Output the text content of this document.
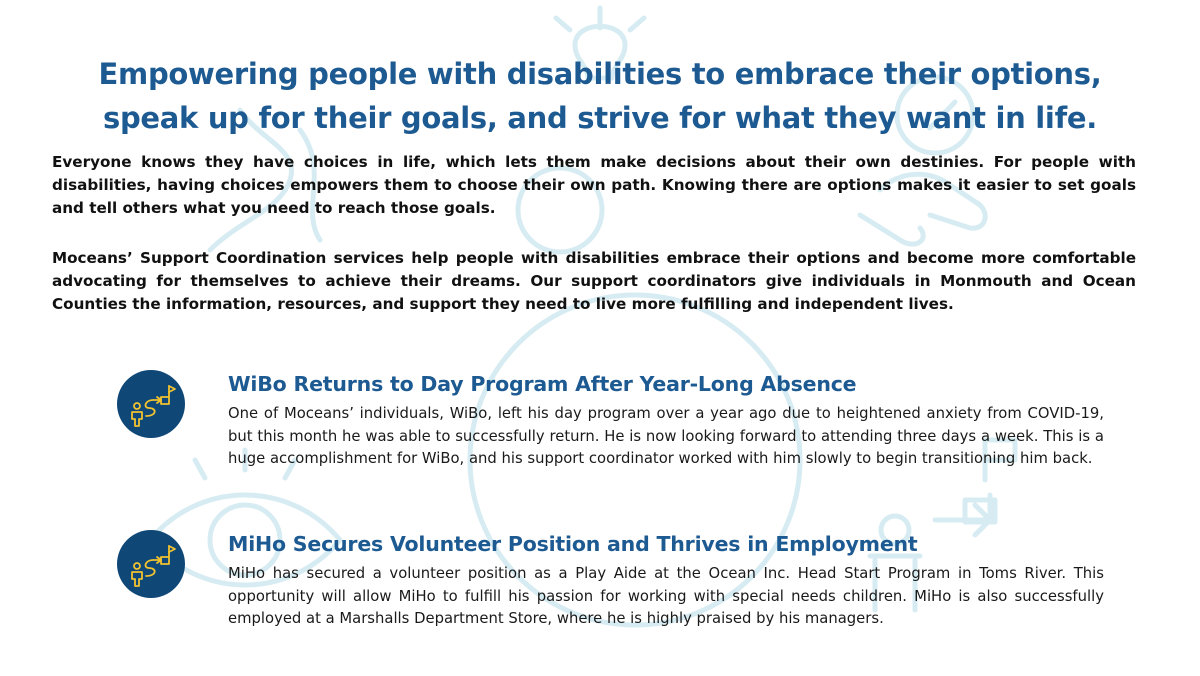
Empowering people with disabilities to embrace their options,
speak up for their goals, and strive for what they want in life.
Everyone knows they have choices in life, which lets them make decisions about their own destinies. For people with disabilities, having choices empowers them to choose their own path. Knowing there are options makes it easier to set goals and tell others what you need to reach those goals.
Moceans’ Support Coordination services help people with disabilities embrace their options and become more comfortable advocating for themselves to achieve their dreams. Our support coordinators give individuals in Monmouth and Ocean Counties the information, resources, and support they need to live more fulfilling and independent lives.
WiBo Returns to Day Program After Year-Long Absence
One of Moceans’ individuals, WiBo, left his day program over a year ago due to heightened anxiety from COVID-19, but this month he was able to successfully return. He is now looking forward to attending three days a week. This is a huge accomplishment for WiBo, and his support coordinator worked with him slowly to begin transitioning him back.
MiHo Secures Volunteer Position and Thrives in Employment
MiHo has secured a volunteer position as a Play Aide at the Ocean Inc. Head Start Program in Toms River. This opportunity will allow MiHo to fulfill his passion for working with special needs children. MiHo is also successfully employed at a Marshalls Department Store, where he is highly praised by his managers.
